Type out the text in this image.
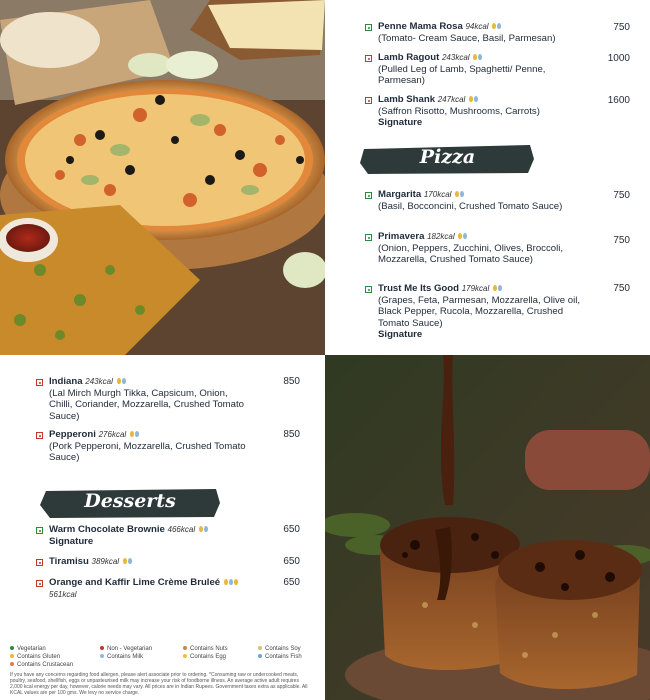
Penne Mama Rosa 94kcal
(Tomato- Cream Sauce, Basil, Parmesan)
750
Lamb Ragout 243kcal
(Pulled Leg of Lamb, Spaghetti/ Penne, Parmesan)
1000
Lamb Shank 247kcal
(Saffron Risotto, Mushrooms, Carrots)
Signature
1600
Pizza
Margarita 170kcal
(Basil, Bocconcini, Crushed Tomato Sauce)
750
Primavera 182kcal
(Onion, Peppers, Zucchini, Olives, Broccoli, Mozzarella, Crushed Tomato Sauce)
750
Trust Me Its Good 179kcal
(Grapes, Feta, Parmesan, Mozzarella, Olive oil, Black Pepper, Rucola, Mozzarella, Crushed Tomato Sauce)
Signature
750
Indiana 243kcal
(Lal Mirch Murgh Tikka, Capsicum, Onion, Chilli, Coriander, Mozzarella, Crushed Tomato Sauce)
850
Pepperoni 276kcal
(Pork Pepperoni, Mozzarella, Crushed Tomato Sauce)
850
Desserts
Warm Chocolate Brownie 466kcal
Signature
650
Tiramisu 389kcal	650
Orange and Kaffir Lime Crème Bruleé  561kcal
650
Vegetarian	Non - Vegetarian
Contains Gluten	Contains Milk
Contains Nuts	Contains Soy
Contains Egg	Contains Fish
Contains Crustacean
If you have any concerns regarding food allergen, please alert associate prior to ordering. *Consuming raw or undercooked meats, poultry, seafood, shellfish, eggs or unpasteurised milk may increase your risk of foodborne illness. An average active adult requires 2,000 kcal energy per day, however, calorie needs may vary. All prices are in Indian Rupees. Government taxes extra as applicable. All KCAL values are per 100 gms. We levy no service charge.
